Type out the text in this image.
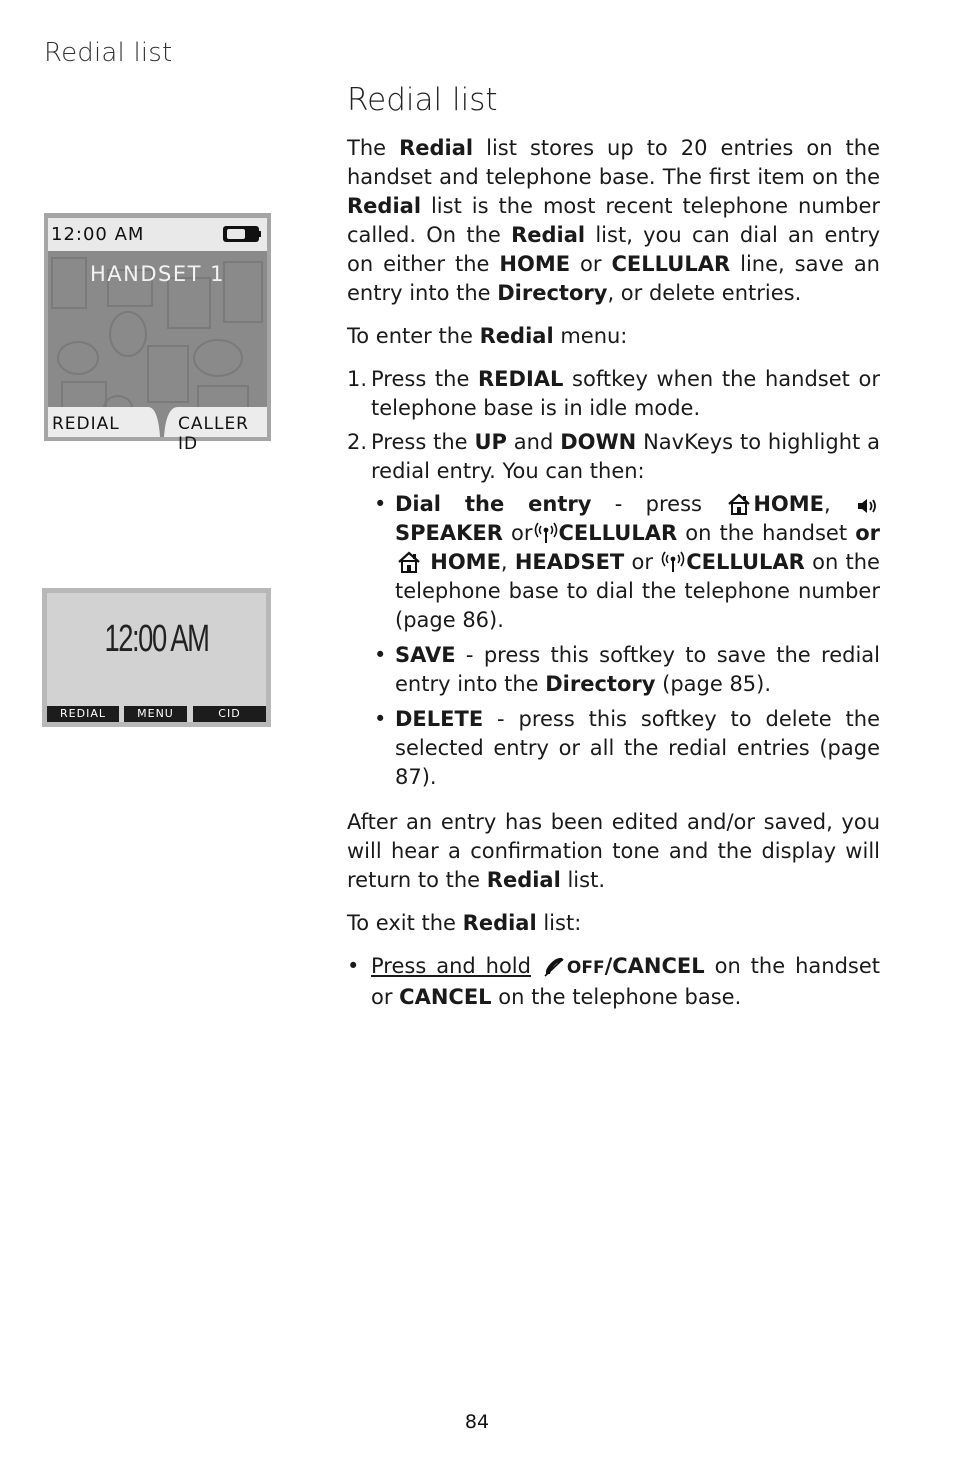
Redial list
12:00 AM
HANDSET 1
REDIAL	CALLER ID
12:00 AM
REDIAL	MENU	CID
Redial list

The Redial list stores up to 20 entries on the handset and telephone base. The first item on the Redial list is the most recent telephone number called. On the Redial list, you can dial an entry on either the HOME or CELLULAR line, save an entry into the Directory, or delete entries.

To enter the Redial menu:

1. Press the REDIAL softkey when the handset or telephone base is in idle mode.
2. Press the UP and DOWN NavKeys to highlight a redial entry. You can then:
• Dial the entry - press HOME, SPEAKER or CELLULAR on the handset or  HOME, HEADSET or CELLULAR on the telephone base to dial the telephone number (page 86).
• SAVE - press this softkey to save the redial entry into the Directory (page 85).
• DELETE - press this softkey to delete the selected entry or all the redial entries (page 87).

After an entry has been edited and/or saved, you will hear a confirmation tone and the display will return to the Redial list.

To exit the Redial list:

• Press and hold OFF/CANCEL on the handset or CANCEL on the telephone base.
84
